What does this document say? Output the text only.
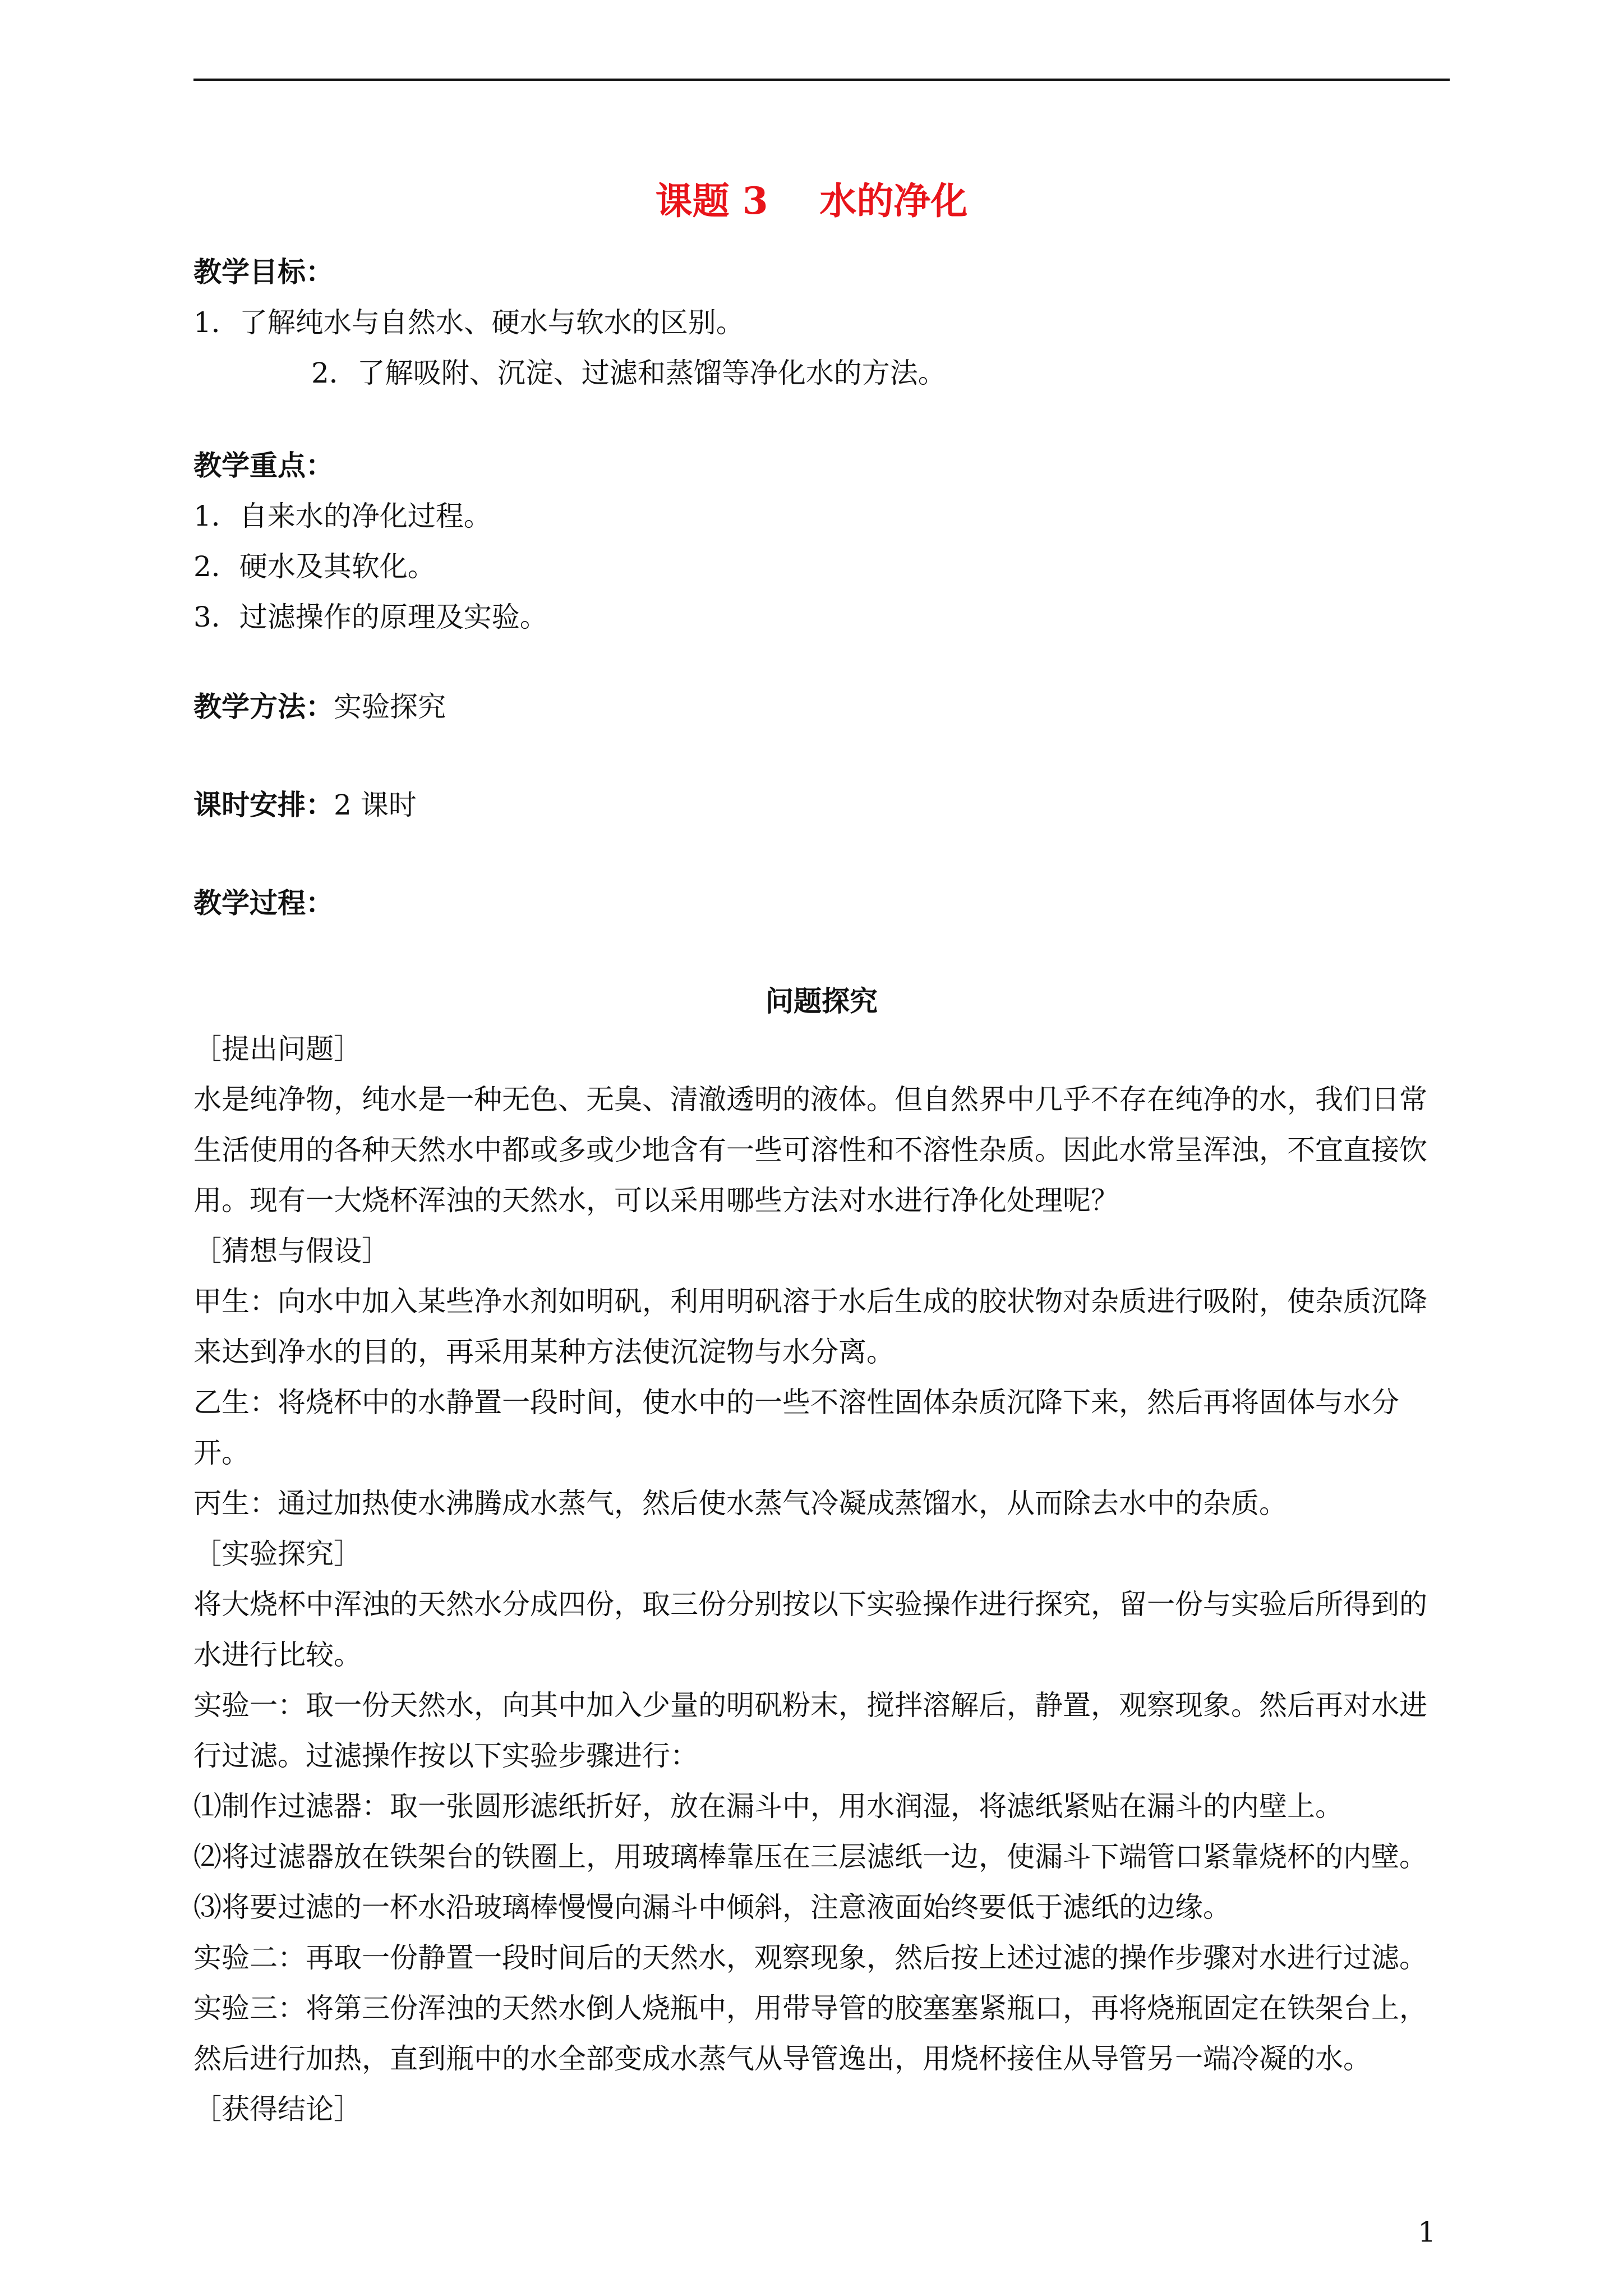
课题 3    水的净化
教学目标：
1．了解纯水与自然水、硬水与软水的区别。
2．了解吸附、沉淀、过滤和蒸馏等净化水的方法。
教学重点：
1．自来水的净化过程。
2．硬水及其软化。
3．过滤操作的原理及实验。
教学方法：实验探究
课时安排：2 课时
教学过程：
问题探究

［提出问题］

水是纯净物，纯水是一种无色、无臭、清澈透明的液体。但自然界中几乎不存在纯净的水，我们日常生活使用的各种天然水中都或多或少地含有一些可溶性和不溶性杂质。因此水常呈浑浊，不宜直接饮用。现有一大烧杯浑浊的天然水，可以采用哪些方法对水进行净化处理呢？

［猜想与假设］

甲生：向水中加入某些净水剂如明矾，利用明矾溶于水后生成的胶状物对杂质进行吸附，使杂质沉降来达到净水的目的，再采用某种方法使沉淀物与水分离。

乙生：将烧杯中的水静置一段时间，使水中的一些不溶性固体杂质沉降下来，然后再将固体与水分开。

丙生：通过加热使水沸腾成水蒸气，然后使水蒸气冷凝成蒸馏水，从而除去水中的杂质。

［实验探究］

将大烧杯中浑浊的天然水分成四份，取三份分别按以下实验操作进行探究，留一份与实验后所得到的水进行比较。

实验一：取一份天然水，向其中加入少量的明矾粉末，搅拌溶解后，静置，观察现象。然后再对水进行过滤。过滤操作按以下实验步骤进行：

⑴制作过滤器：取一张圆形滤纸折好，放在漏斗中，用水润湿，将滤纸紧贴在漏斗的内壁上。

⑵将过滤器放在铁架台的铁圈上，用玻璃棒靠压在三层滤纸一边，使漏斗下端管口紧靠烧杯的内壁。

⑶将要过滤的一杯水沿玻璃棒慢慢向漏斗中倾斜，注意液面始终要低于滤纸的边缘。

实验二：再取一份静置一段时间后的天然水，观察现象，然后按上述过滤的操作步骤对水进行过滤。

实验三：将第三份浑浊的天然水倒人烧瓶中，用带导管的胶塞塞紧瓶口，再将烧瓶固定在铁架台上，然后进行加热，直到瓶中的水全部变成水蒸气从导管逸出，用烧杯接住从导管另一端冷凝的水。

［获得结论］

1
